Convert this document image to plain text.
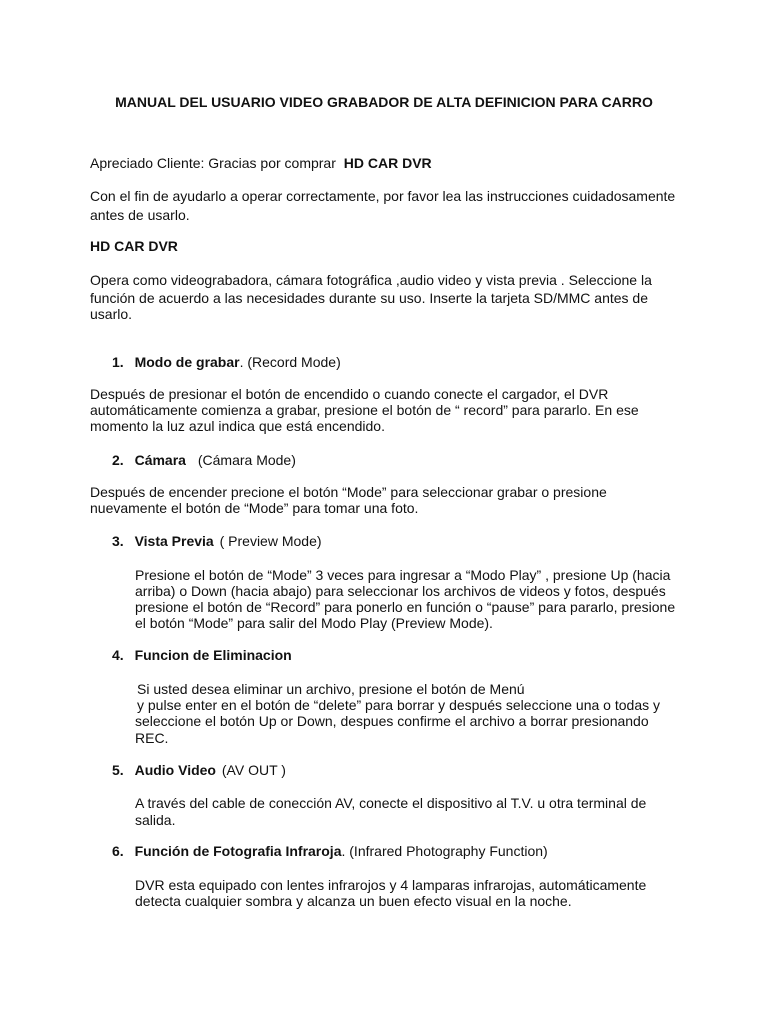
MANUAL DEL USUARIO VIDEO GRABADOR DE ALTA DEFINICION PARA CARRO
Apreciado Cliente: Gracias por comprar HD CAR DVR
Con el fin de ayudarlo a operar correctamente, por favor lea las instrucciones cuidadosamente
antes de usarlo.
HD CAR DVR
Opera como videograbadora, cámara fotográfica ,audio video y vista previa . Seleccione la
función de acuerdo a las necesidades durante su uso. Inserte la tarjeta SD/MMC antes de
usarlo.
1. Modo de grabar. (Record Mode)
Después de presionar el botón de encendido o cuando conecte el cargador, el DVR
automáticamente comienza a grabar, presione el botón de “ record” para pararlo. En ese
momento la luz azul indica que está encendido.
2. Cámara (Cámara Mode)
Después de encender precione el botón “Mode” para seleccionar grabar o presione
nuevamente el botón de “Mode” para tomar una foto.
3. Vista Previa ( Preview Mode)
Presione el botón de “Mode” 3 veces para ingresar a “Modo Play” , presione Up (hacia
arriba) o Down (hacia abajo) para seleccionar los archivos de videos y fotos, después
presione el botón de “Record” para ponerlo en función o “pause” para pararlo, presione
el botón “Mode” para salir del Modo Play (Preview Mode).
4. Funcion de Eliminacion
Si usted desea eliminar un archivo, presione el botón de Menú
y pulse enter en el botón de “delete” para borrar y después seleccione una o todas y
seleccione el botón Up or Down, despues confirme el archivo a borrar presionando
REC.
5. Audio Video (AV OUT )
A través del cable de conección AV, conecte el dispositivo al T.V. u otra terminal de
salida.
6. Función de Fotografia Infraroja. (Infrared Photography Function)
DVR esta equipado con lentes infrarojos y 4 lamparas infrarojas, automáticamente
detecta cualquier sombra y alcanza un buen efecto visual en la noche.
